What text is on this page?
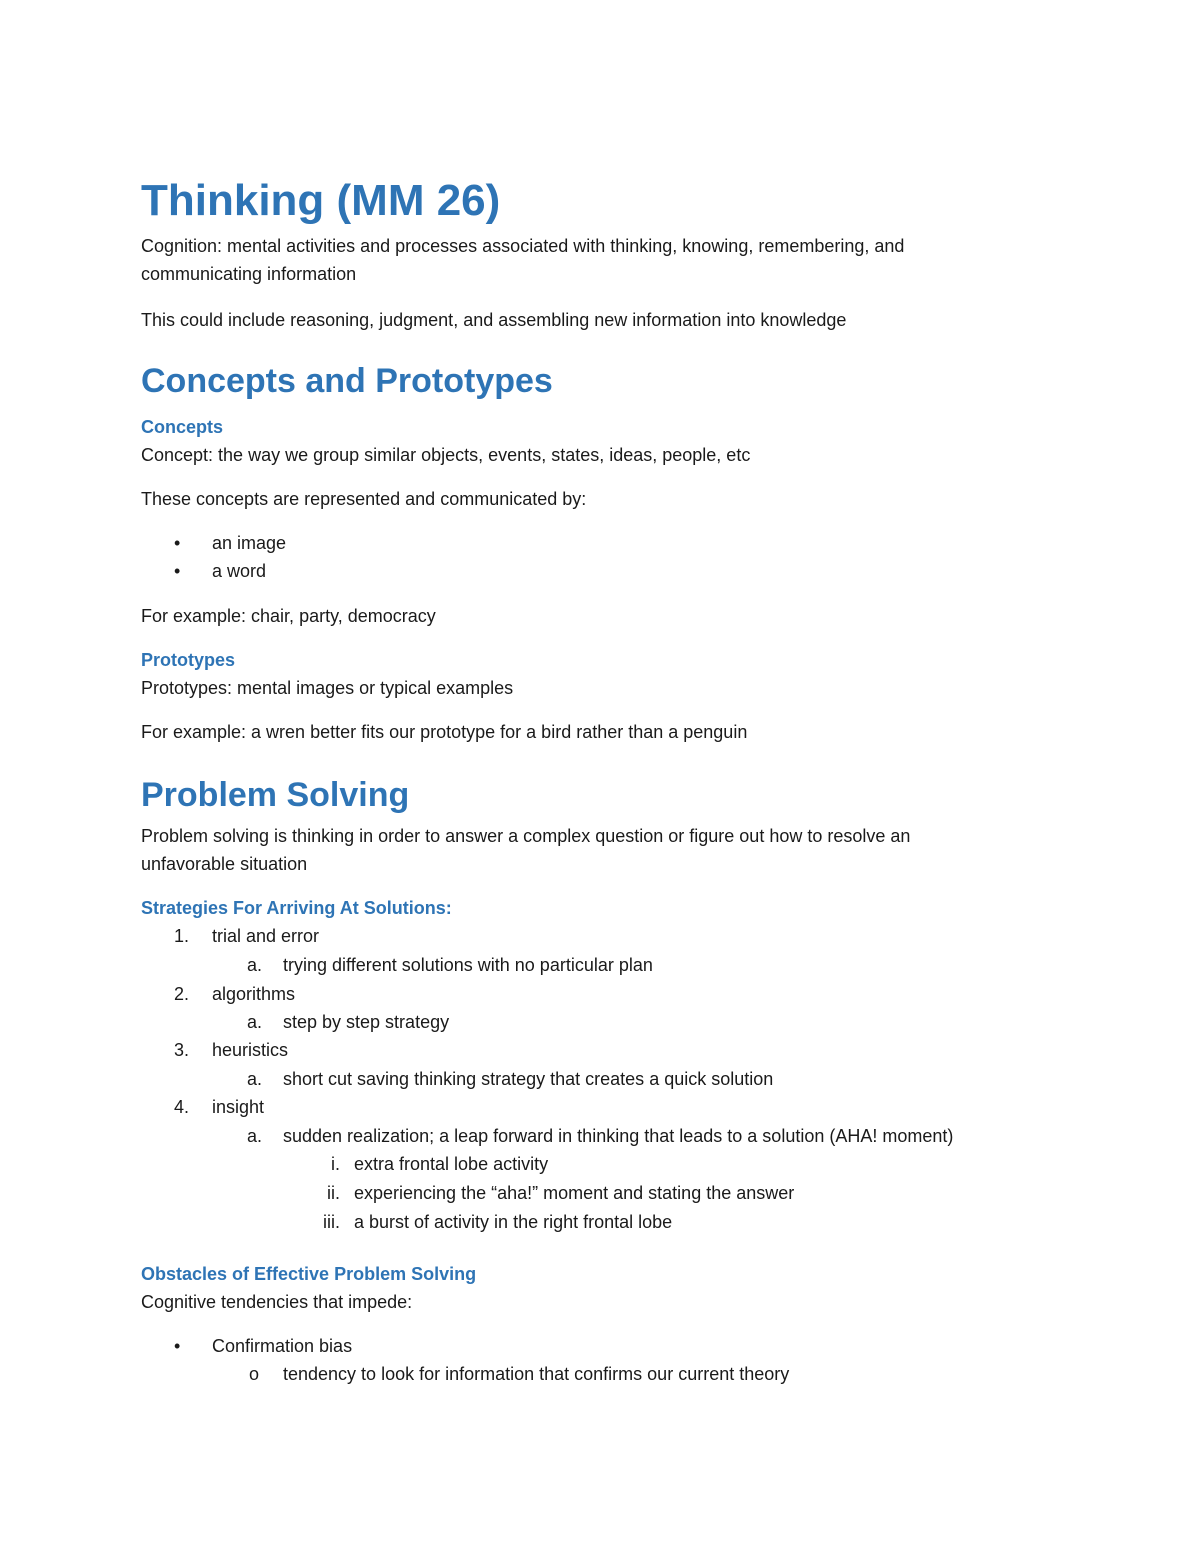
Thinking (MM 26)

Cognition: mental activities and processes associated with thinking, knowing, remembering, and

communicating information

This could include reasoning, judgment, and assembling new information into knowledge

Concepts and Prototypes
Concepts

Concept: the way we group similar objects, events, states, ideas, people, etc

These concepts are represented and communicated by:

• an image
• a word

For example: chair, party, democracy

Prototypes

Prototypes: mental images or typical examples

For example: a wren better fits our prototype for a bird rather than a penguin

Problem Solving

Problem solving is thinking in order to answer a complex question or figure out how to resolve an

unfavorable situation

Strategies For Arriving At Solutions:
1. trial and error
a. trying different solutions with no particular plan
2. algorithms
a. step by step strategy
3. heuristics
a. short cut saving thinking strategy that creates a quick solution
4. insight
a. sudden realization; a leap forward in thinking that leads to a solution (AHA! moment)
i. extra frontal lobe activity
ii. experiencing the “aha!” moment and stating the answer
iii. a burst of activity in the right frontal lobe
Obstacles of Effective Problem Solving

Cognitive tendencies that impede:

• Confirmation bias
o tendency to look for information that confirms our current theory
